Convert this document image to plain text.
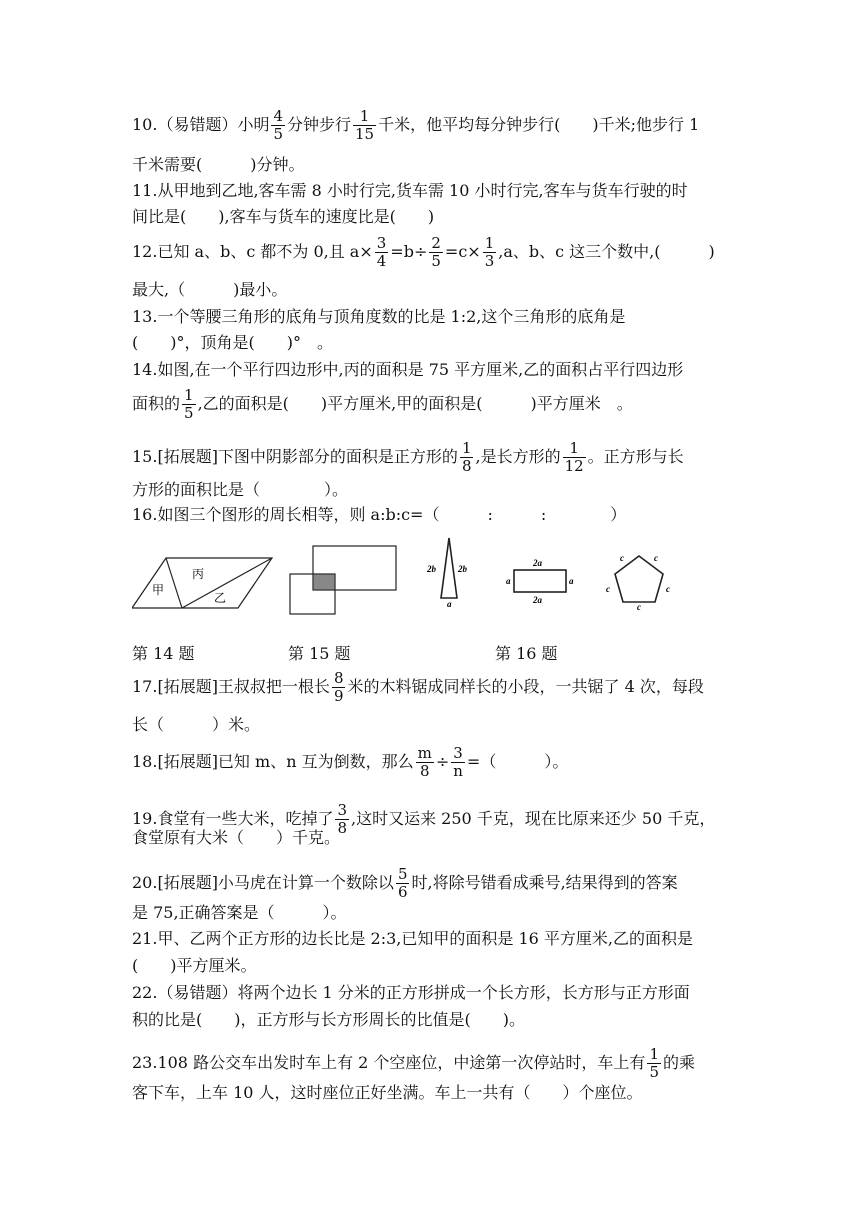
10.（易错题）小明 $\frac{4}{5}$ 分钟步行 $\frac{1}{15}$ 千米，他平均每分钟步行(　　)千米;他步行 1
千米需要(　　　)分钟。
11.从甲地到乙地,客车需 8 小时行完,货车需 10 小时行完,客车与货车行驶的时
间比是(　　),客车与货车的速度比是(　　)
12.已知 a、b、c 都不为 0,且 $a\times \frac{3}{4} =b\div \frac{2}{5} =c\times \frac{1}{3} ,a$、b、c 这三个数中,(　　　)
最大,（　　　)最小。
13.一个等腰三角形的底角与顶角度数的比是 1:2,这个三角形的底角是
(　　)°，顶角是(　　)°　。
14.如图,在一个平行四边形中,丙的面积是 75 平方厘米,乙的面积占平行四边形
面积的 $\frac{1}{5}$ ,乙的面积是(　　)平方厘米,甲的面积是(　　　)平方厘米　。
15.[拓展题]下图中阴影部分的面积是正方形的 $\frac{1}{8}$ ,是长方形的 $\frac{1}{12}$ 。正方形与长
方形的面积比是（　　　　）。
16.如图三个图形的周长相等，则 a:b:c=（　　　:　　　:　　　　）
甲
丙
乙
2b 2b
a
2a
2a
a	a
c	c
c	c
c
第 14 题	第 15 题	第 16 题
17.[拓展题]王叔叔把一根长 $\frac{8}{9}$ 米的木料锯成同样长的小段，一共锯了 4 次，每段
长（　　　）米。
18.[拓展题]已知 m、n 互为倒数，那么 $\frac{m}{8} \div \frac{3}{n}$ =（　　　）。
19.食堂有一些大米，吃掉了 $\frac{3}{8}$ ,这时又运来 250 千克，现在比原来还少 50 千克，
食堂原有大米（　　）千克。
20.[拓展题]小马虎在计算一个数除以 $\frac{5}{6}$ 时,将除号错看成乘号,结果得到的答案
是 75,正确答案是（　　　）。
21.甲、乙两个正方形的边长比是 2:3,已知甲的面积是 16 平方厘米,乙的面积是
(　　)平方厘米。
22.（易错题）将两个边长 1 分米的正方形拼成一个长方形，长方形与正方形面
积的比是(　　)，正方形与长方形周长的比值是(　　)。
23.108 路公交车出发时车上有 2 个空座位，中途第一次停站时，车上有 $\frac{1}{5}$ 的乘
客下车，上车 10 人，这时座位正好坐满。车上一共有（　　）个座位。
